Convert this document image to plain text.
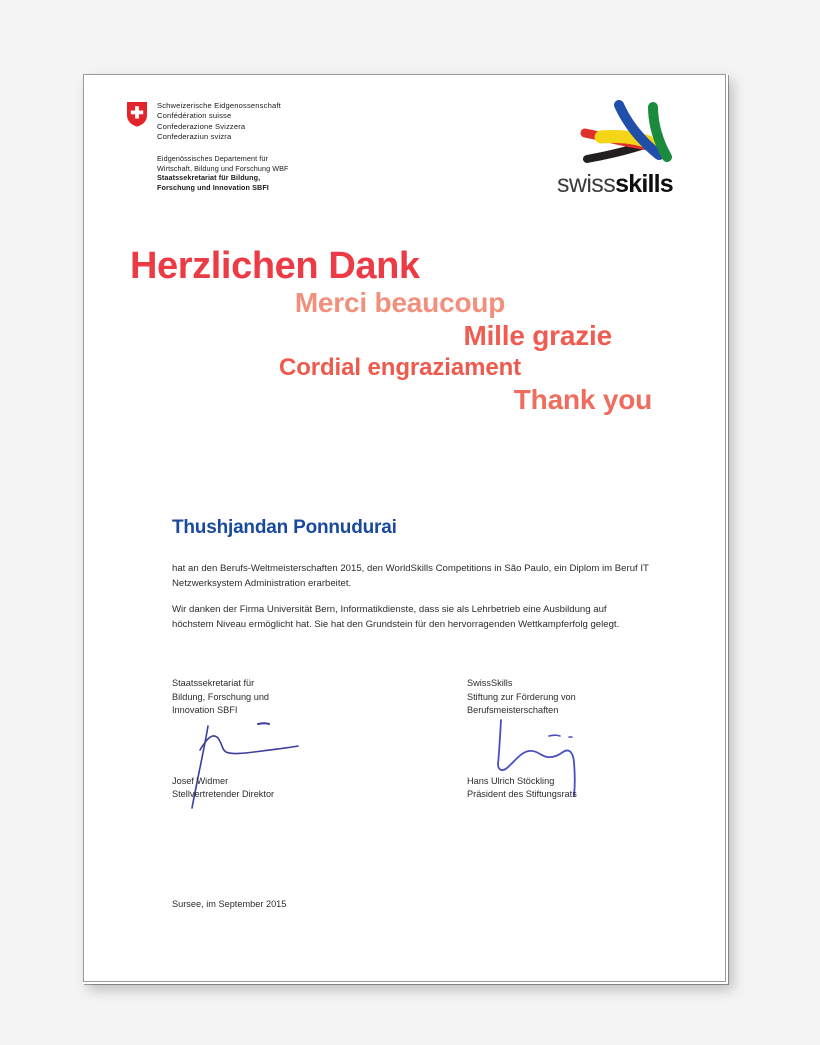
Schweizerische Eidgenossenschaft
Confédération suisse
Confederazione Svizzera
Confederaziun svizra
Eidgenössisches Departement für
Wirtschaft, Bildung und Forschung WBF
Staatssekretariat für Bildung,
Forschung und Innovation SBFI	swissskills
Herzlichen Dank
Merci beaucoup
Mille grazie
Cordial engraziament
Thank you
Thushjandan Ponnudurai
hat an den Berufs-Weltmeisterschaften 2015, den WorldSkills Competitions in São Paulo, ein Diplom im Beruf IT Netzwerksystem Administration erarbeitet.
Wir danken der Firma Universität Bern, Informatikdienste, dass sie als Lehrbetrieb eine Ausbildung auf höchstem Niveau ermöglicht hat. Sie hat den Grundstein für den hervorragenden Wettkampferfolg gelegt.
Staatssekretariat für
Bildung, Forschung und
Innovation SBFI
Josef Widmer
Stellvertretender Direktor
SwissSkills
Stiftung zur Förderung von
Berufsmeisterschaften
Hans Ulrich Stöckling
Präsident des Stiftungsrats
Sursee, im September 2015
